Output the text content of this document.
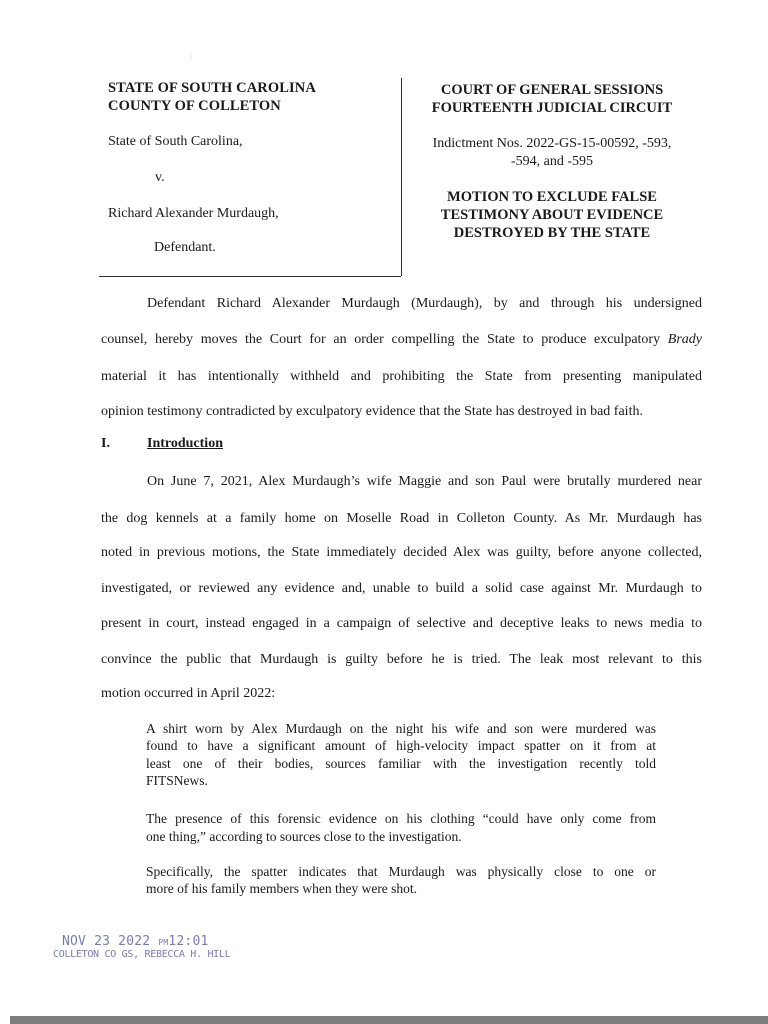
:
STATE OF SOUTH CAROLINA
COUNTY OF COLLETON
State of South Carolina,
v.
Richard Alexander Murdaugh,
Defendant.
COURT OF GENERAL SESSIONS
FOURTEENTH JUDICIAL CIRCUIT
Indictment Nos. 2022-GS-15-00592, -593,
-594, and -595
MOTION TO EXCLUDE FALSE
TESTIMONY ABOUT EVIDENCE
DESTROYED BY THE STATE
Defendant Richard Alexander Murdaugh (Murdaugh), by and through his undersigned
counsel, hereby moves the Court for an order compelling the State to produce exculpatory Brady
material it has intentionally withheld and prohibiting the State from presenting manipulated
opinion testimony contradicted by exculpatory evidence that the State has destroyed in bad faith.
I.	Introduction
On June 7, 2021, Alex Murdaugh’s wife Maggie and son Paul were brutally murdered near
the dog kennels at a family home on Moselle Road in Colleton County. As Mr. Murdaugh has
noted in previous motions, the State immediately decided Alex was guilty, before anyone collected,
investigated, or reviewed any evidence and, unable to build a solid case against Mr. Murdaugh to
present in court, instead engaged in a campaign of selective and deceptive leaks to news media to
convince the public that Murdaugh is guilty before he is tried. The leak most relevant to this
motion occurred in April 2022:
A shirt worn by Alex Murdaugh on the night his wife and son were murdered was
found to have a significant amount of high-velocity impact spatter on it from at
least one of their bodies, sources familiar with the investigation recently told
FITSNews.
The presence of this forensic evidence on his clothing “could have only come from
one thing,” according to sources close to the investigation.
Specifically, the spatter indicates that Murdaugh was physically close to one or
more of his family members when they were shot.
NOV 23 2022 PM12:01
COLLETON CO GS, REBECCA H. HILL
